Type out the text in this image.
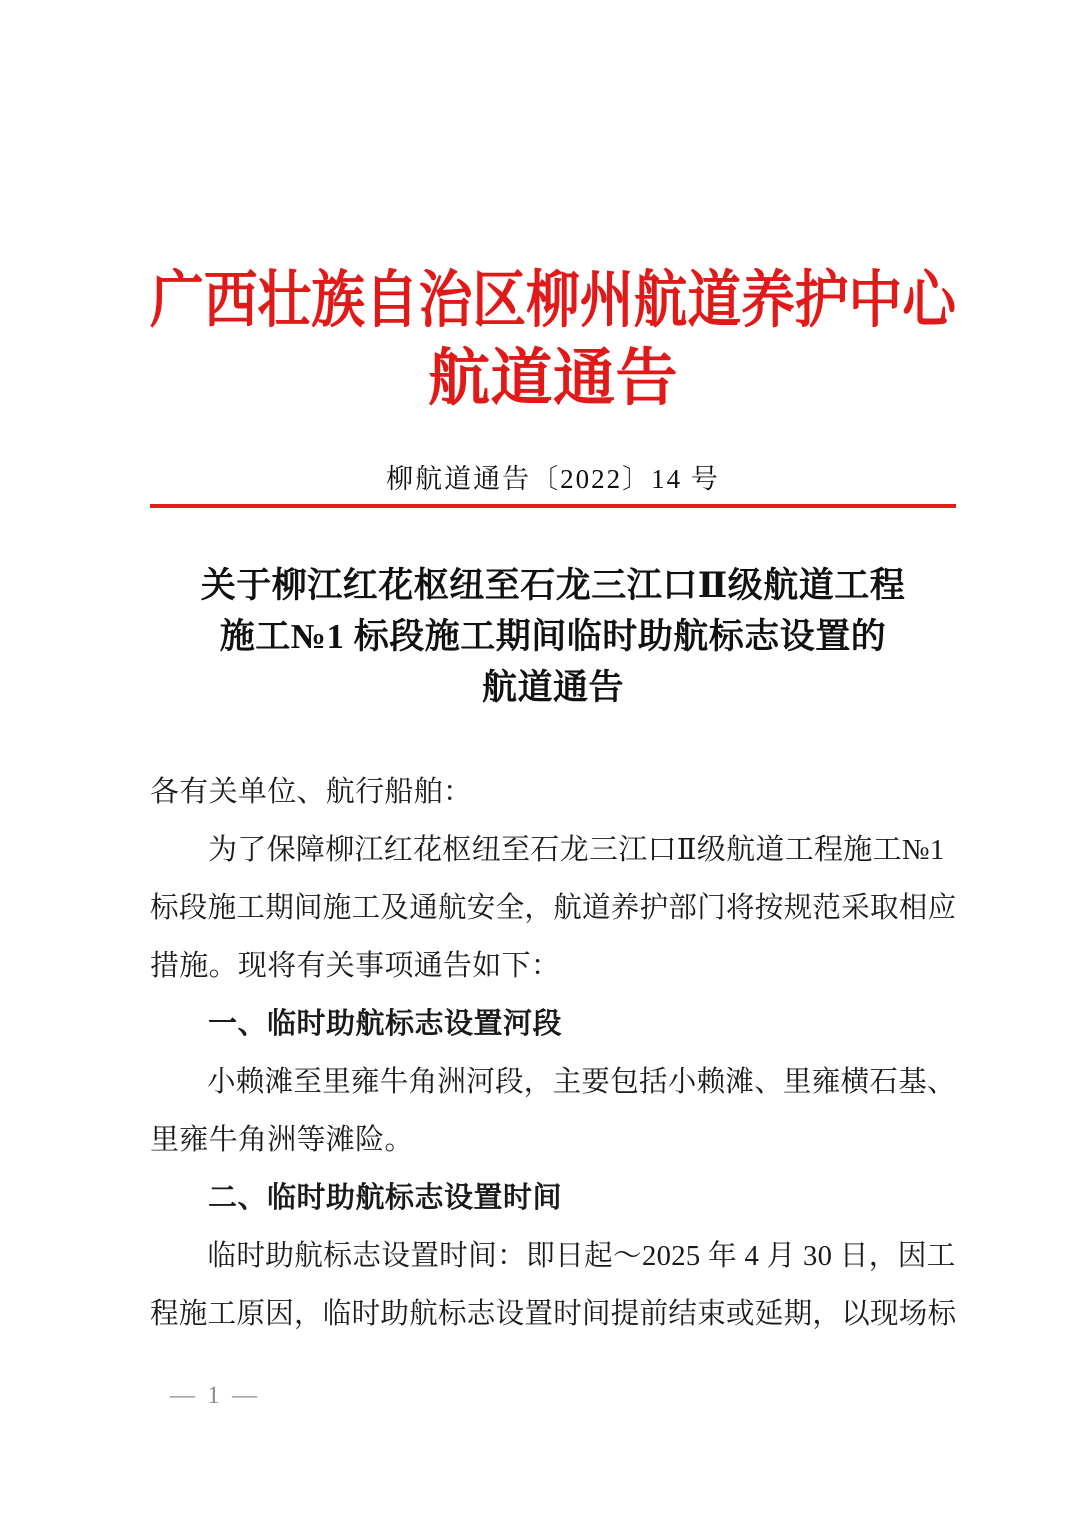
广西壮族自治区柳州航道养护中心
航道通告
柳航道通告〔2022〕14 号
关于柳江红花枢纽至石龙三江口Ⅱ级航道工程
施工№1 标段施工期间临时助航标志设置的
航道通告

各有关单位、航行船舶：

为了保障柳江红花枢纽至石龙三江口Ⅱ级航道工程施工№1

标段施工期间施工及通航安全，航道养护部门将按规范采取相应

措施。现将有关事项通告如下：

一、临时助航标志设置河段

小赖滩至里雍牛角洲河段，主要包括小赖滩、里雍横石基、

里雍牛角洲等滩险。

二、临时助航标志设置时间

临时助航标志设置时间：即日起～2025 年 4 月 30 日，因工

程施工原因，临时助航标志设置时间提前结束或延期，以现场标

— 1 —
